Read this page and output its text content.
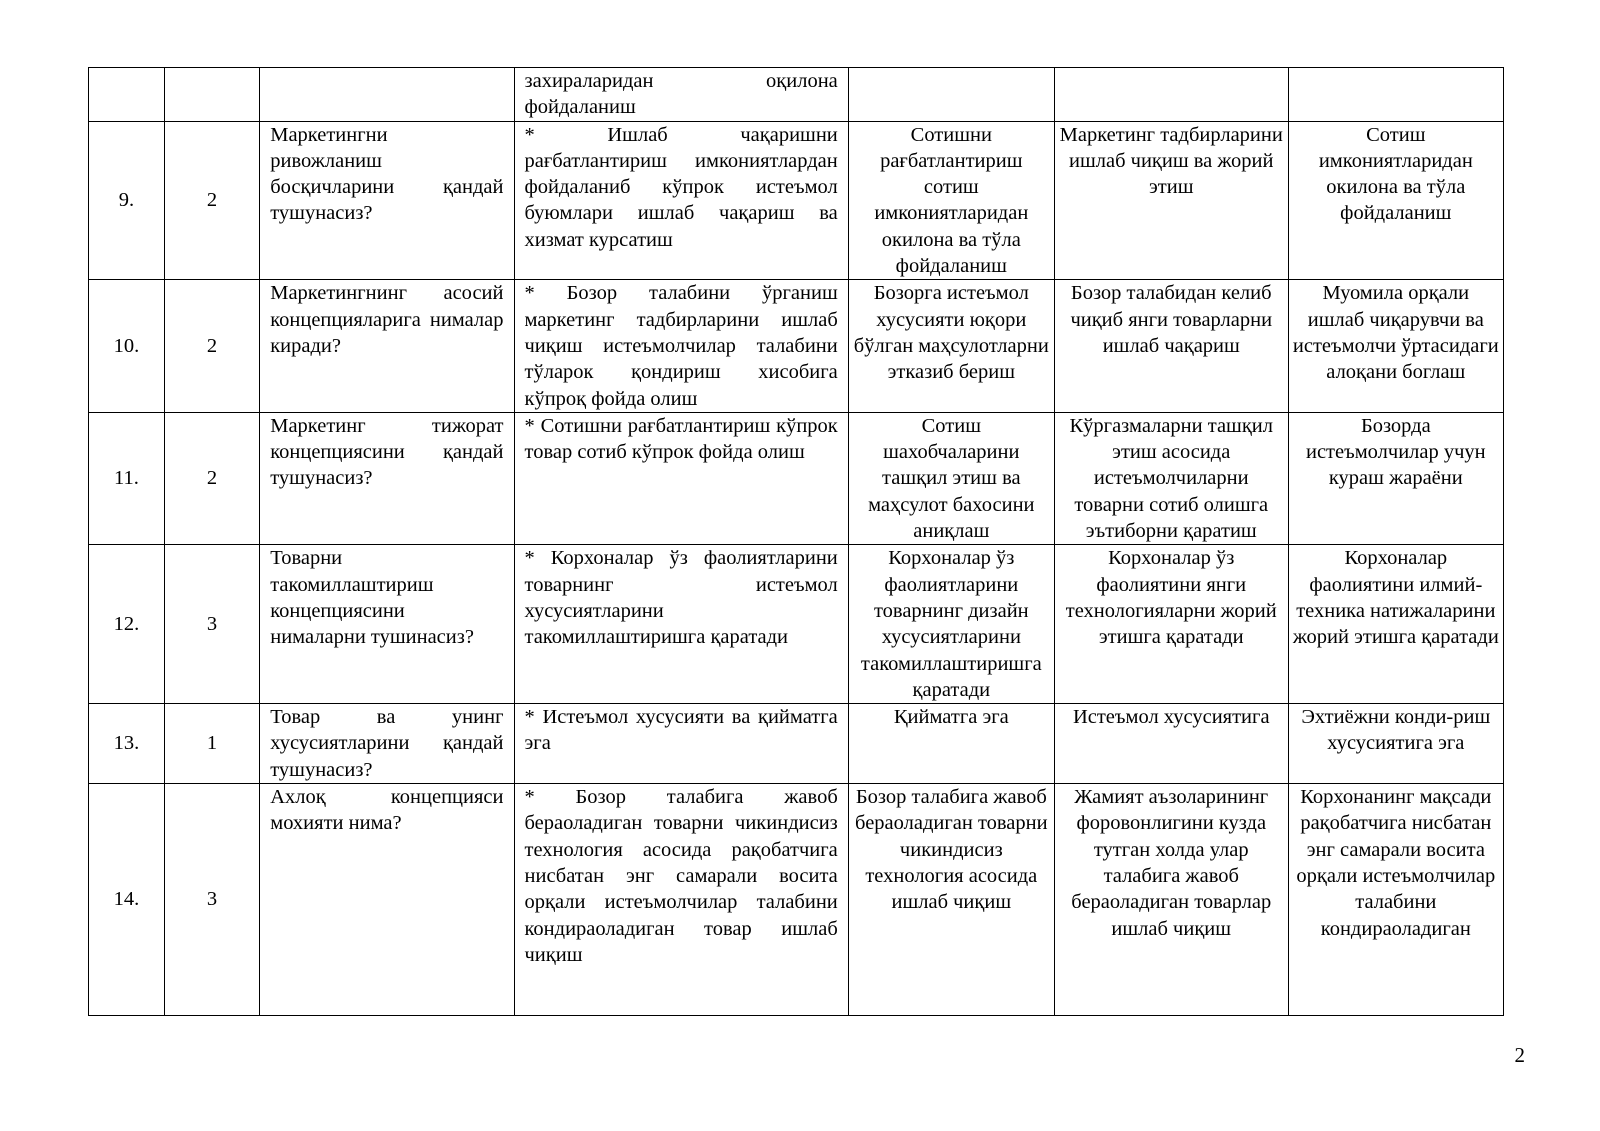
			захираларидан оқилона фойдаланиш			
9.	2	Маркетингни ривожланиш босқичларини қандай тушунасиз?	* Ишлаб чақаришни рағбатлантириш имкониятлардан фойдаланиб кўпрок истеъмол буюмлари ишлаб чақариш ва хизмат курсатиш	Сотишни рағбатлантириш сотиш имкониятларидан окилона ва тўла фойдаланиш	Маркетинг тадбирларини ишлаб чиқиш ва жорий этиш	Сотиш имкониятларидан окилона ва тўла фойдаланиш
10.	2	Маркетингнинг асосий концепцияларига нималар киради?	* Бозор талабини ўрганиш маркетинг тадбирларини ишлаб чиқиш истеъмолчилар талабини тўларок қондириш хисобига кўпроқ фойда олиш	Бозорга истеъмол хусусияти юқори бўлган маҳсулотларни этказиб бериш	Бозор талабидан келиб чиқиб янги товарларни ишлаб чақариш	Муомила орқали ишлаб чиқарувчи ва истеъмолчи ўртасидаги алоқани боглаш
11.	2	Маркетинг тижорат концепциясини қандай тушунасиз?	* Сотишни рағбатлантириш кўпрок товар сотиб кўпрок фойда олиш	Сотиш шахобчаларини ташқил этиш ва маҳсулот бахосини аниқлаш	Кўргазмаларни ташқил этиш асосида истеъмолчиларни товарни сотиб олишга эътиборни қаратиш	Бозорда истеъмолчилар учун кураш жараёни
12.	3	Товарни такомиллаштириш концепциясини нималарни тушинасиз?	* Корхоналар ўз фаолиятларини товарнинг истеъмол хусусиятларини такомиллаштиришга қаратади	Корхоналар ўз фаолиятларини товарнинг дизайн хусусиятларини такомиллаштиришга қаратади	Корхоналар ўз фаолиятини янги технологияларни жорий этишга қаратади	Корхоналар фаолиятини илмий-техника натижаларини жорий этишга қаратади
13.	1	Товар ва унинг хусусиятларини қандай тушунасиз?	* Истеъмол хусусияти ва қийматга эга	Қийматга эга	Истеъмол хусусиятига	Эхтиёжни конди-риш хусусиятига эга
14.	3	Ахлоқ концепцияси мохияти нима?	* Бозор талабига жавоб бераоладиган товарни чикиндисиз технология асосида рақобатчига нисбатан энг самарали восита орқали истеъмолчилар талабини кондираоладиган товар ишлаб чиқиш	Бозор талабига жавоб бераоладиган товарни чикиндисиз технология асосида ишлаб чиқиш	Жамият аъзоларининг форовонлигини кузда тутган холда улар талабига жавоб бераоладиган товарлар ишлаб чиқиш	Корхонанинг мақсади рақобатчига нисбатан энг самарали восита орқали истеъмолчилар талабини кондираоладиган
2
